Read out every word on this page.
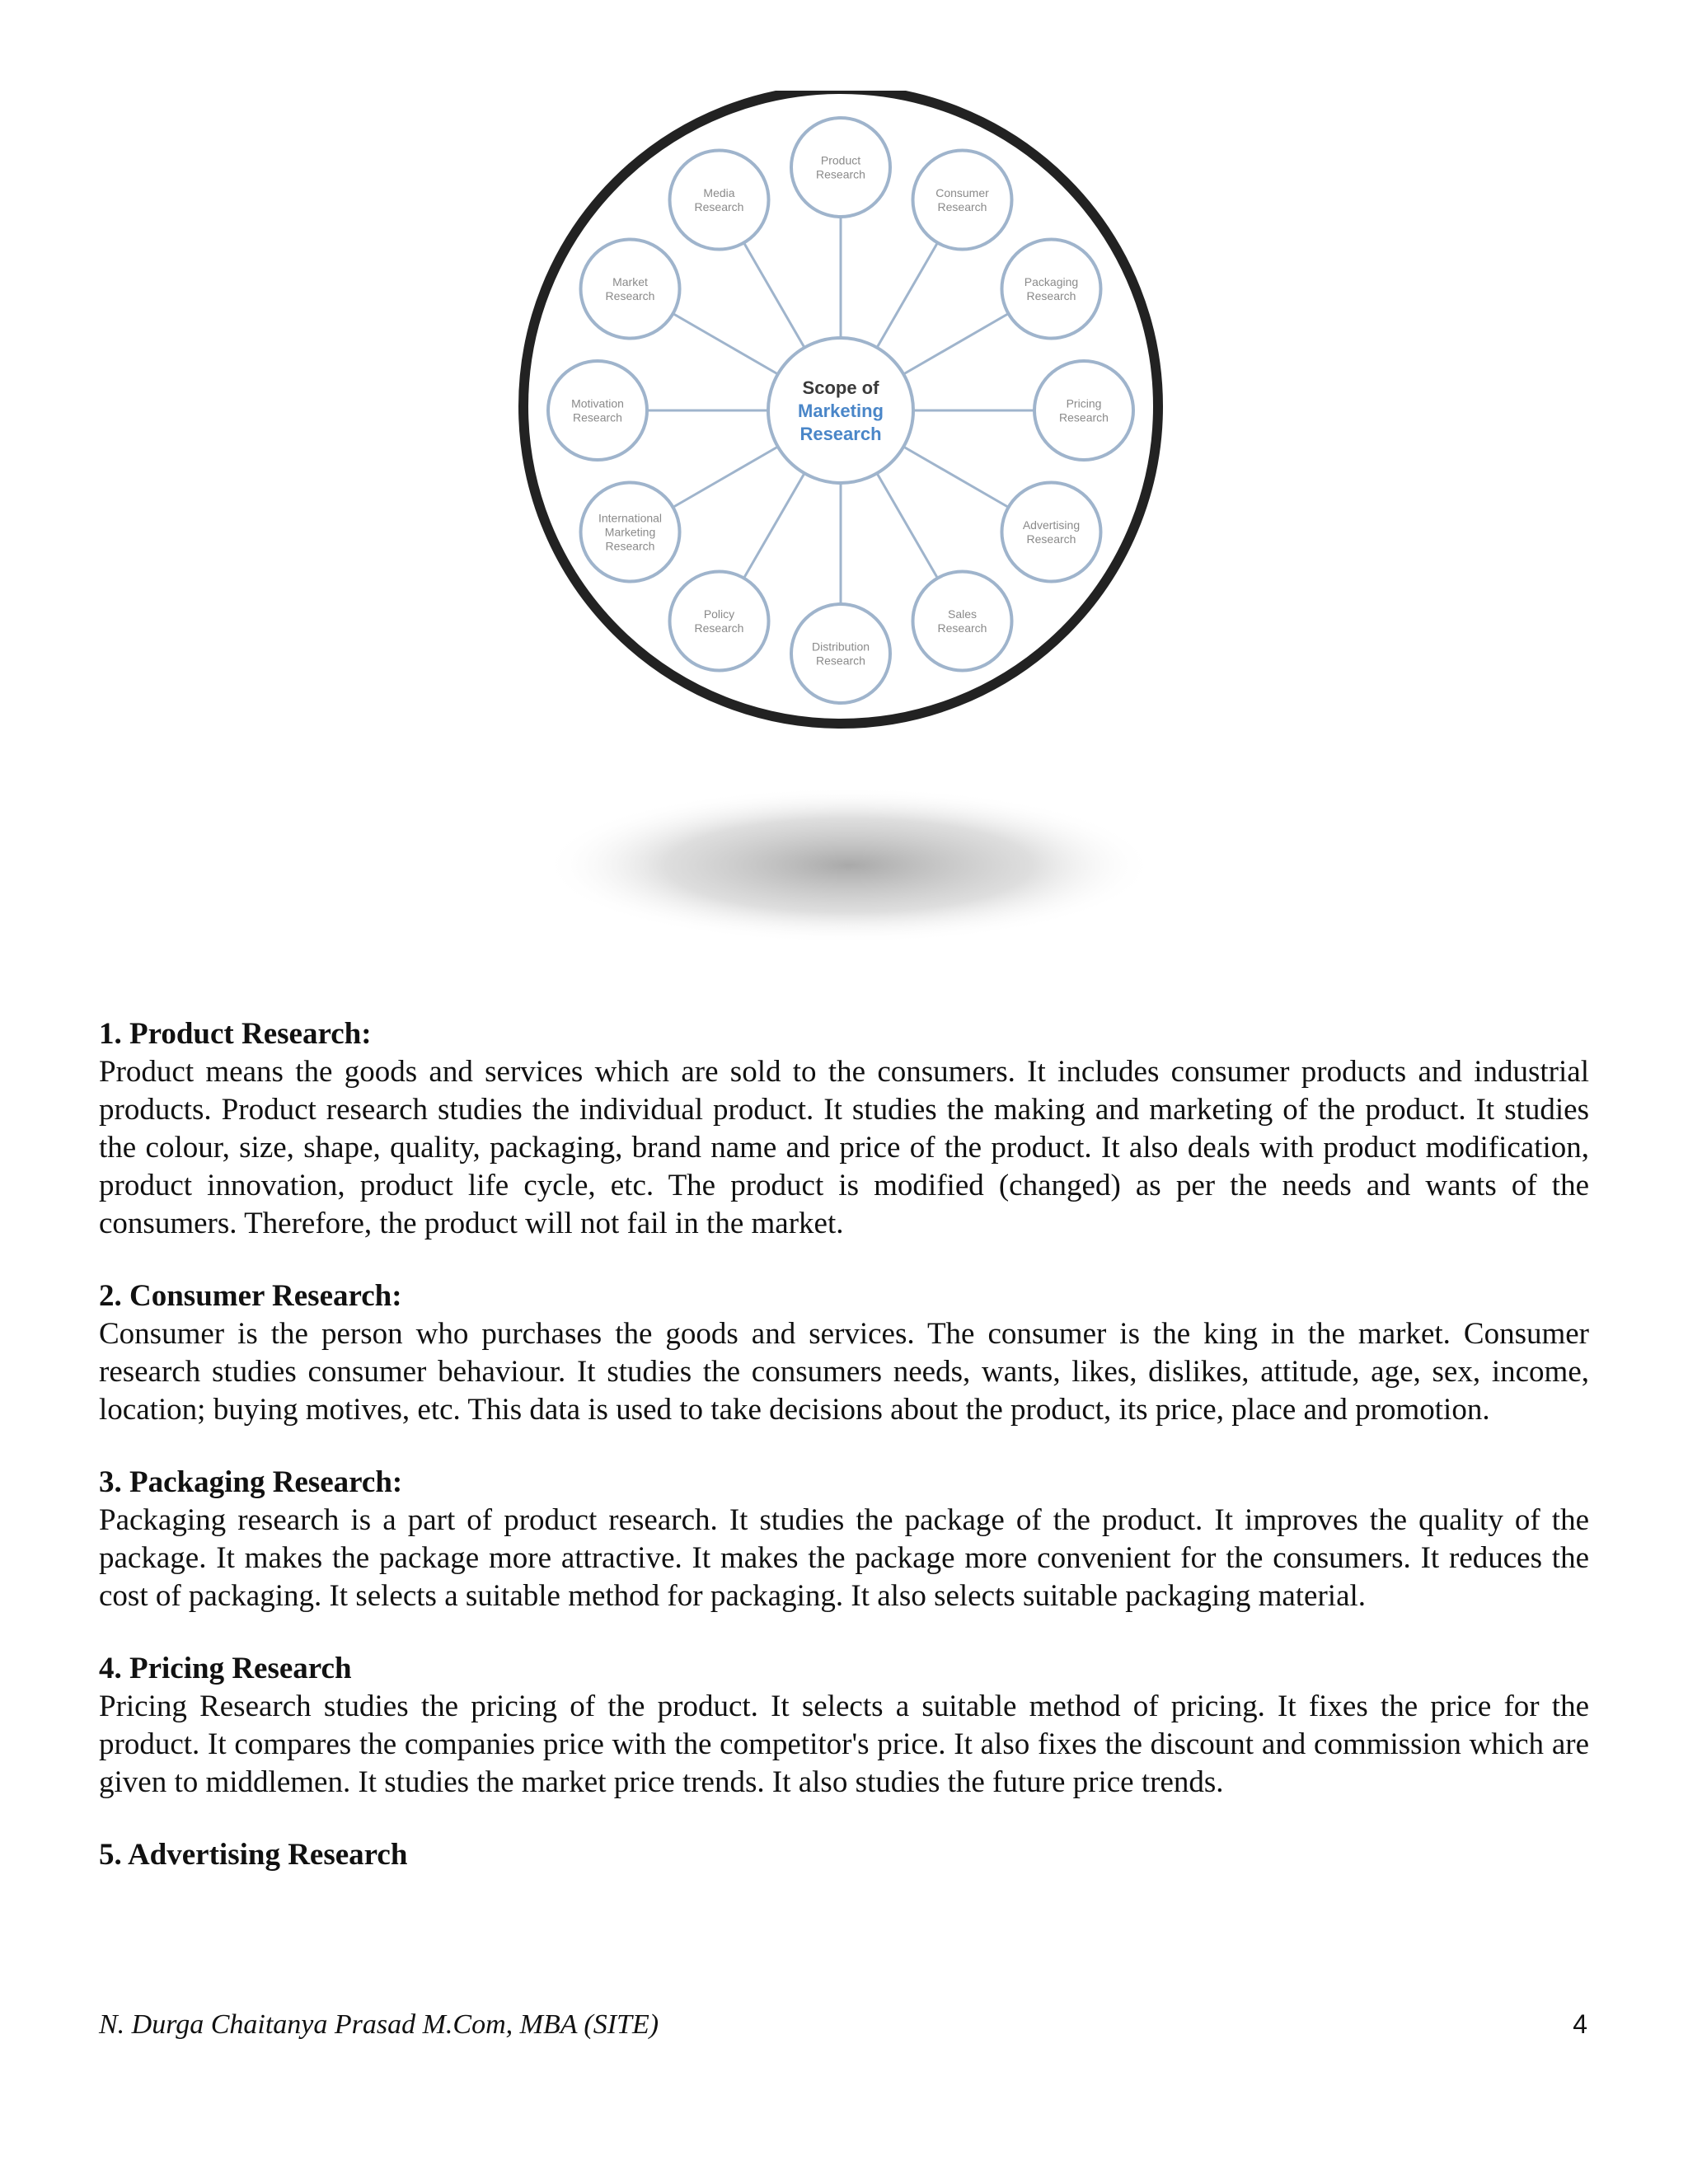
Product
Research
Consumer
Research
Packaging
Research
Pricing
Research
Advertising
Research
Sales
Research
Distribution
Research
Policy
Research
International
Marketing
Research
Motivation
Research
Market
Research
Media
Research
Scope of
Marketing
Research

1. Product Research:

Product means the goods and services which are sold to the consumers. It includes consumer products and industrial products. Product research studies the individual product. It studies the making and marketing of the product. It studies the colour, size, shape, quality, packaging, brand name and price of the product. It also deals with product modification, product innovation, product life cycle, etc. The product is modified (changed) as per the needs and wants of the consumers. Therefore, the product will not fail in the market.

2. Consumer Research:

Consumer is the person who purchases the goods and services. The consumer is the king in the market. Consumer research studies consumer behaviour. It studies the consumers needs, wants, likes, dislikes, attitude, age, sex, income, location; buying motives, etc. This data is used to take decisions about the product, its price, place and promotion.

3. Packaging Research:

Packaging research is a part of product research. It studies the package of the product. It improves the quality of the package. It makes the package more attractive. It makes the package more convenient for the consumers. It reduces the cost of packaging. It selects a suitable method for packaging. It also selects suitable packaging material.

4. Pricing Research

Pricing Research studies the pricing of the product. It selects a suitable method of pricing. It fixes the price for the product. It compares the companies price with the competitor's price. It also fixes the discount and commission which are given to middlemen. It studies the market price trends. It also studies the future price trends.

5. Advertising Research

N. Durga Chaitanya Prasad M.Com, MBA (SITE)	4
